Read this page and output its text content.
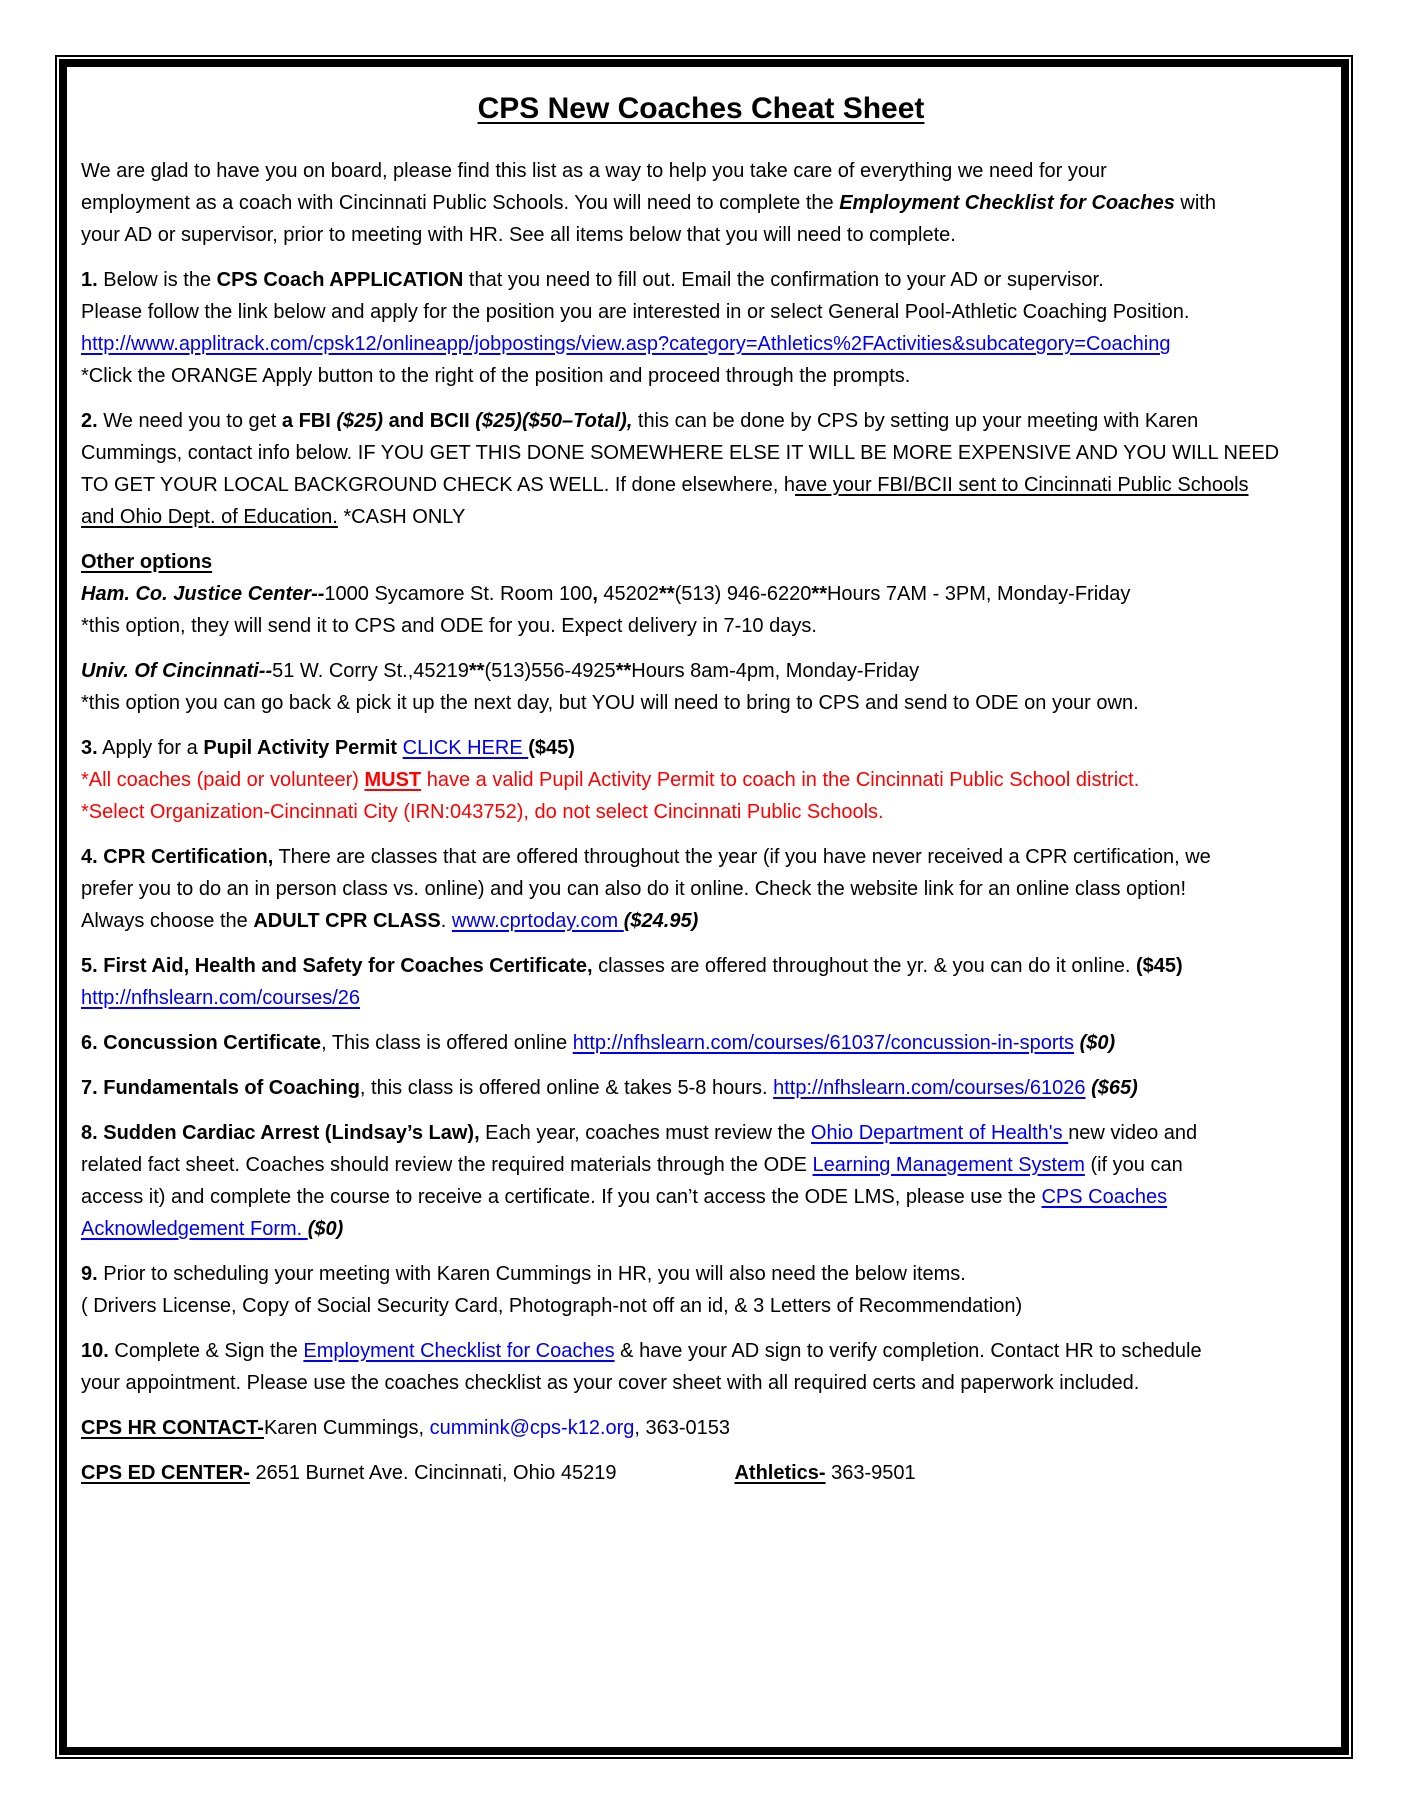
CPS New Coaches Cheat Sheet
We are glad to have you on board, please find this list as a way to help you take care of everything we need for your
employment as a coach with Cincinnati Public Schools. You will need to complete the Employment Checklist for Coaches with
your AD or supervisor, prior to meeting with HR. See all items below that you will need to complete.
1. Below is the CPS Coach APPLICATION that you need to fill out. Email the confirmation to your AD or supervisor.
Please follow the link below and apply for the position you are interested in or select General Pool-Athletic Coaching Position.
http://www.applitrack.com/cpsk12/onlineapp/jobpostings/view.asp?category=Athletics%2FActivities&subcategory=Coaching
*Click the ORANGE Apply button to the right of the position and proceed through the prompts.
2. We need you to get a FBI ($25) and BCII ($25)($50–Total), this can be done by CPS by setting up your meeting with Karen
Cummings, contact info below. IF YOU GET THIS DONE SOMEWHERE ELSE IT WILL BE MORE EXPENSIVE AND YOU WILL NEED
TO GET YOUR LOCAL BACKGROUND CHECK AS WELL. If done elsewhere, have your FBI/BCII sent to Cincinnati Public Schools
and Ohio Dept. of Education. *CASH ONLY
Other options
Ham. Co. Justice Center--1000 Sycamore St. Room 100, 45202**(513) 946-6220**Hours 7AM - 3PM, Monday-Friday
*this option, they will send it to CPS and ODE for you. Expect delivery in 7-10 days.
Univ. Of Cincinnati--51 W. Corry St.,45219**(513)556-4925**Hours 8am-4pm, Monday-Friday
*this option you can go back & pick it up the next day, but YOU will need to bring to CPS and send to ODE on your own.
3. Apply for a Pupil Activity Permit CLICK HERE ($45)
*All coaches (paid or volunteer) MUST have a valid Pupil Activity Permit to coach in the Cincinnati Public School district.
*Select Organization-Cincinnati City (IRN:043752), do not select Cincinnati Public Schools.
4. CPR Certification, There are classes that are offered throughout the year (if you have never received a CPR certification, we
prefer you to do an in person class vs. online) and you can also do it online. Check the website link for an online class option!
Always choose the ADULT CPR CLASS. www.cprtoday.com ($24.95)
5. First Aid, Health and Safety for Coaches Certificate, classes are offered throughout the yr. & you can do it online. ($45)
http://nfhslearn.com/courses/26
6. Concussion Certificate, This class is offered online http://nfhslearn.com/courses/61037/concussion-in-sports ($0)
7. Fundamentals of Coaching, this class is offered online & takes 5-8 hours. http://nfhslearn.com/courses/61026 ($65)
8. Sudden Cardiac Arrest (Lindsay’s Law), Each year, coaches must review the Ohio Department of Health's new video and
related fact sheet. Coaches should review the required materials through the ODE Learning Management System (if you can
access it) and complete the course to receive a certificate. If you can’t access the ODE LMS, please use the CPS Coaches
Acknowledgement Form. ($0)
9. Prior to scheduling your meeting with Karen Cummings in HR, you will also need the below items.
( Drivers License, Copy of Social Security Card, Photograph-not off an id, & 3 Letters of Recommendation)
10. Complete & Sign the Employment Checklist for Coaches & have your AD sign to verify completion. Contact HR to schedule
your appointment. Please use the coaches checklist as your cover sheet with all required certs and paperwork included.
CPS HR CONTACT-Karen Cummings, cummink@cps-k12.org, 363-0153
CPS ED CENTER- 2651 Burnet Ave. Cincinnati, Ohio 45219	Athletics- 363-9501
